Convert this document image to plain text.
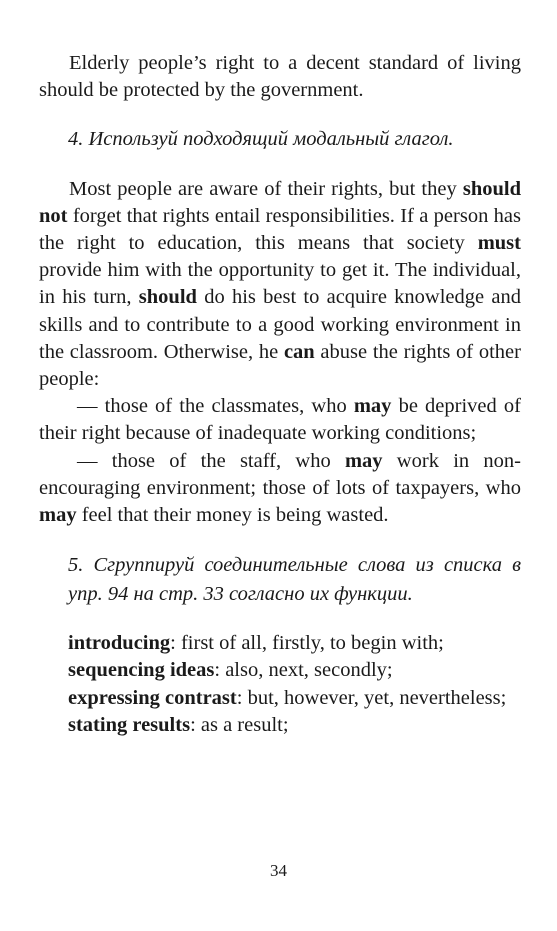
Elderly people’s right to a decent standard of living should be protected by the government.

4. Используй подходящий модальный глагол.

Most people are aware of their rights, but they should not forget that rights entail responsibilities. If a person has the right to education, this means that society must provide him with the opportunity to get it. The individual, in his turn, should do his best to acquire knowledge and skills and to contribute to a good working environment in the classroom. Otherwise, he can abuse the rights of other people:

— those of the classmates, who may be deprived of their right because of inadequate working conditions;

— those of the staff, who may work in non-encouraging environment; those of lots of taxpayers, who may feel that their money is being wasted.

5. Сгруппируй соединительные слова из списка в упр. 94 на стр. 33 согласно их функции.

introducing: first of all, firstly, to begin with;

sequencing ideas: also, next, secondly;

expressing contrast: but, however, yet, nevertheless;

stating results: as a result;

34
